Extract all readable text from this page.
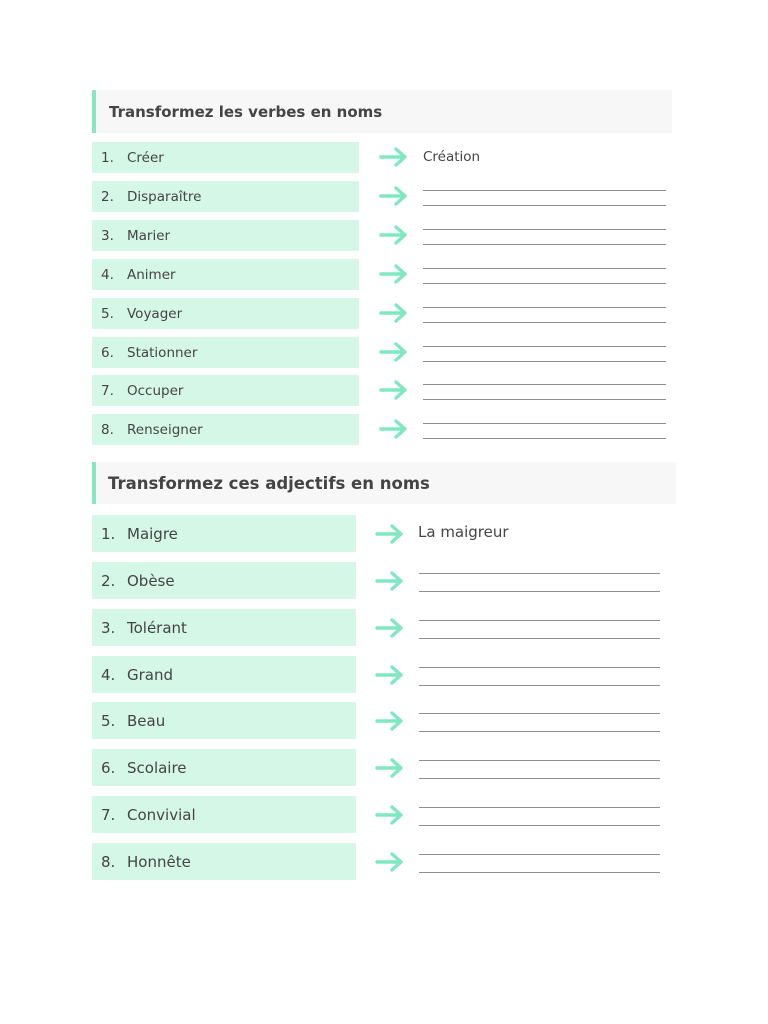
Transformez les verbes en noms
1. Créer	Création
2. Disparaître
3. Marier
4. Animer
5. Voyager
6. Stationner
7. Occuper
8. Renseigner
Transformez ces adjectifs en noms
1. Maigre	La maigreur
2. Obèse
3. Tolérant
4. Grand
5. Beau
6. Scolaire
7. Convivial
8. Honnête
